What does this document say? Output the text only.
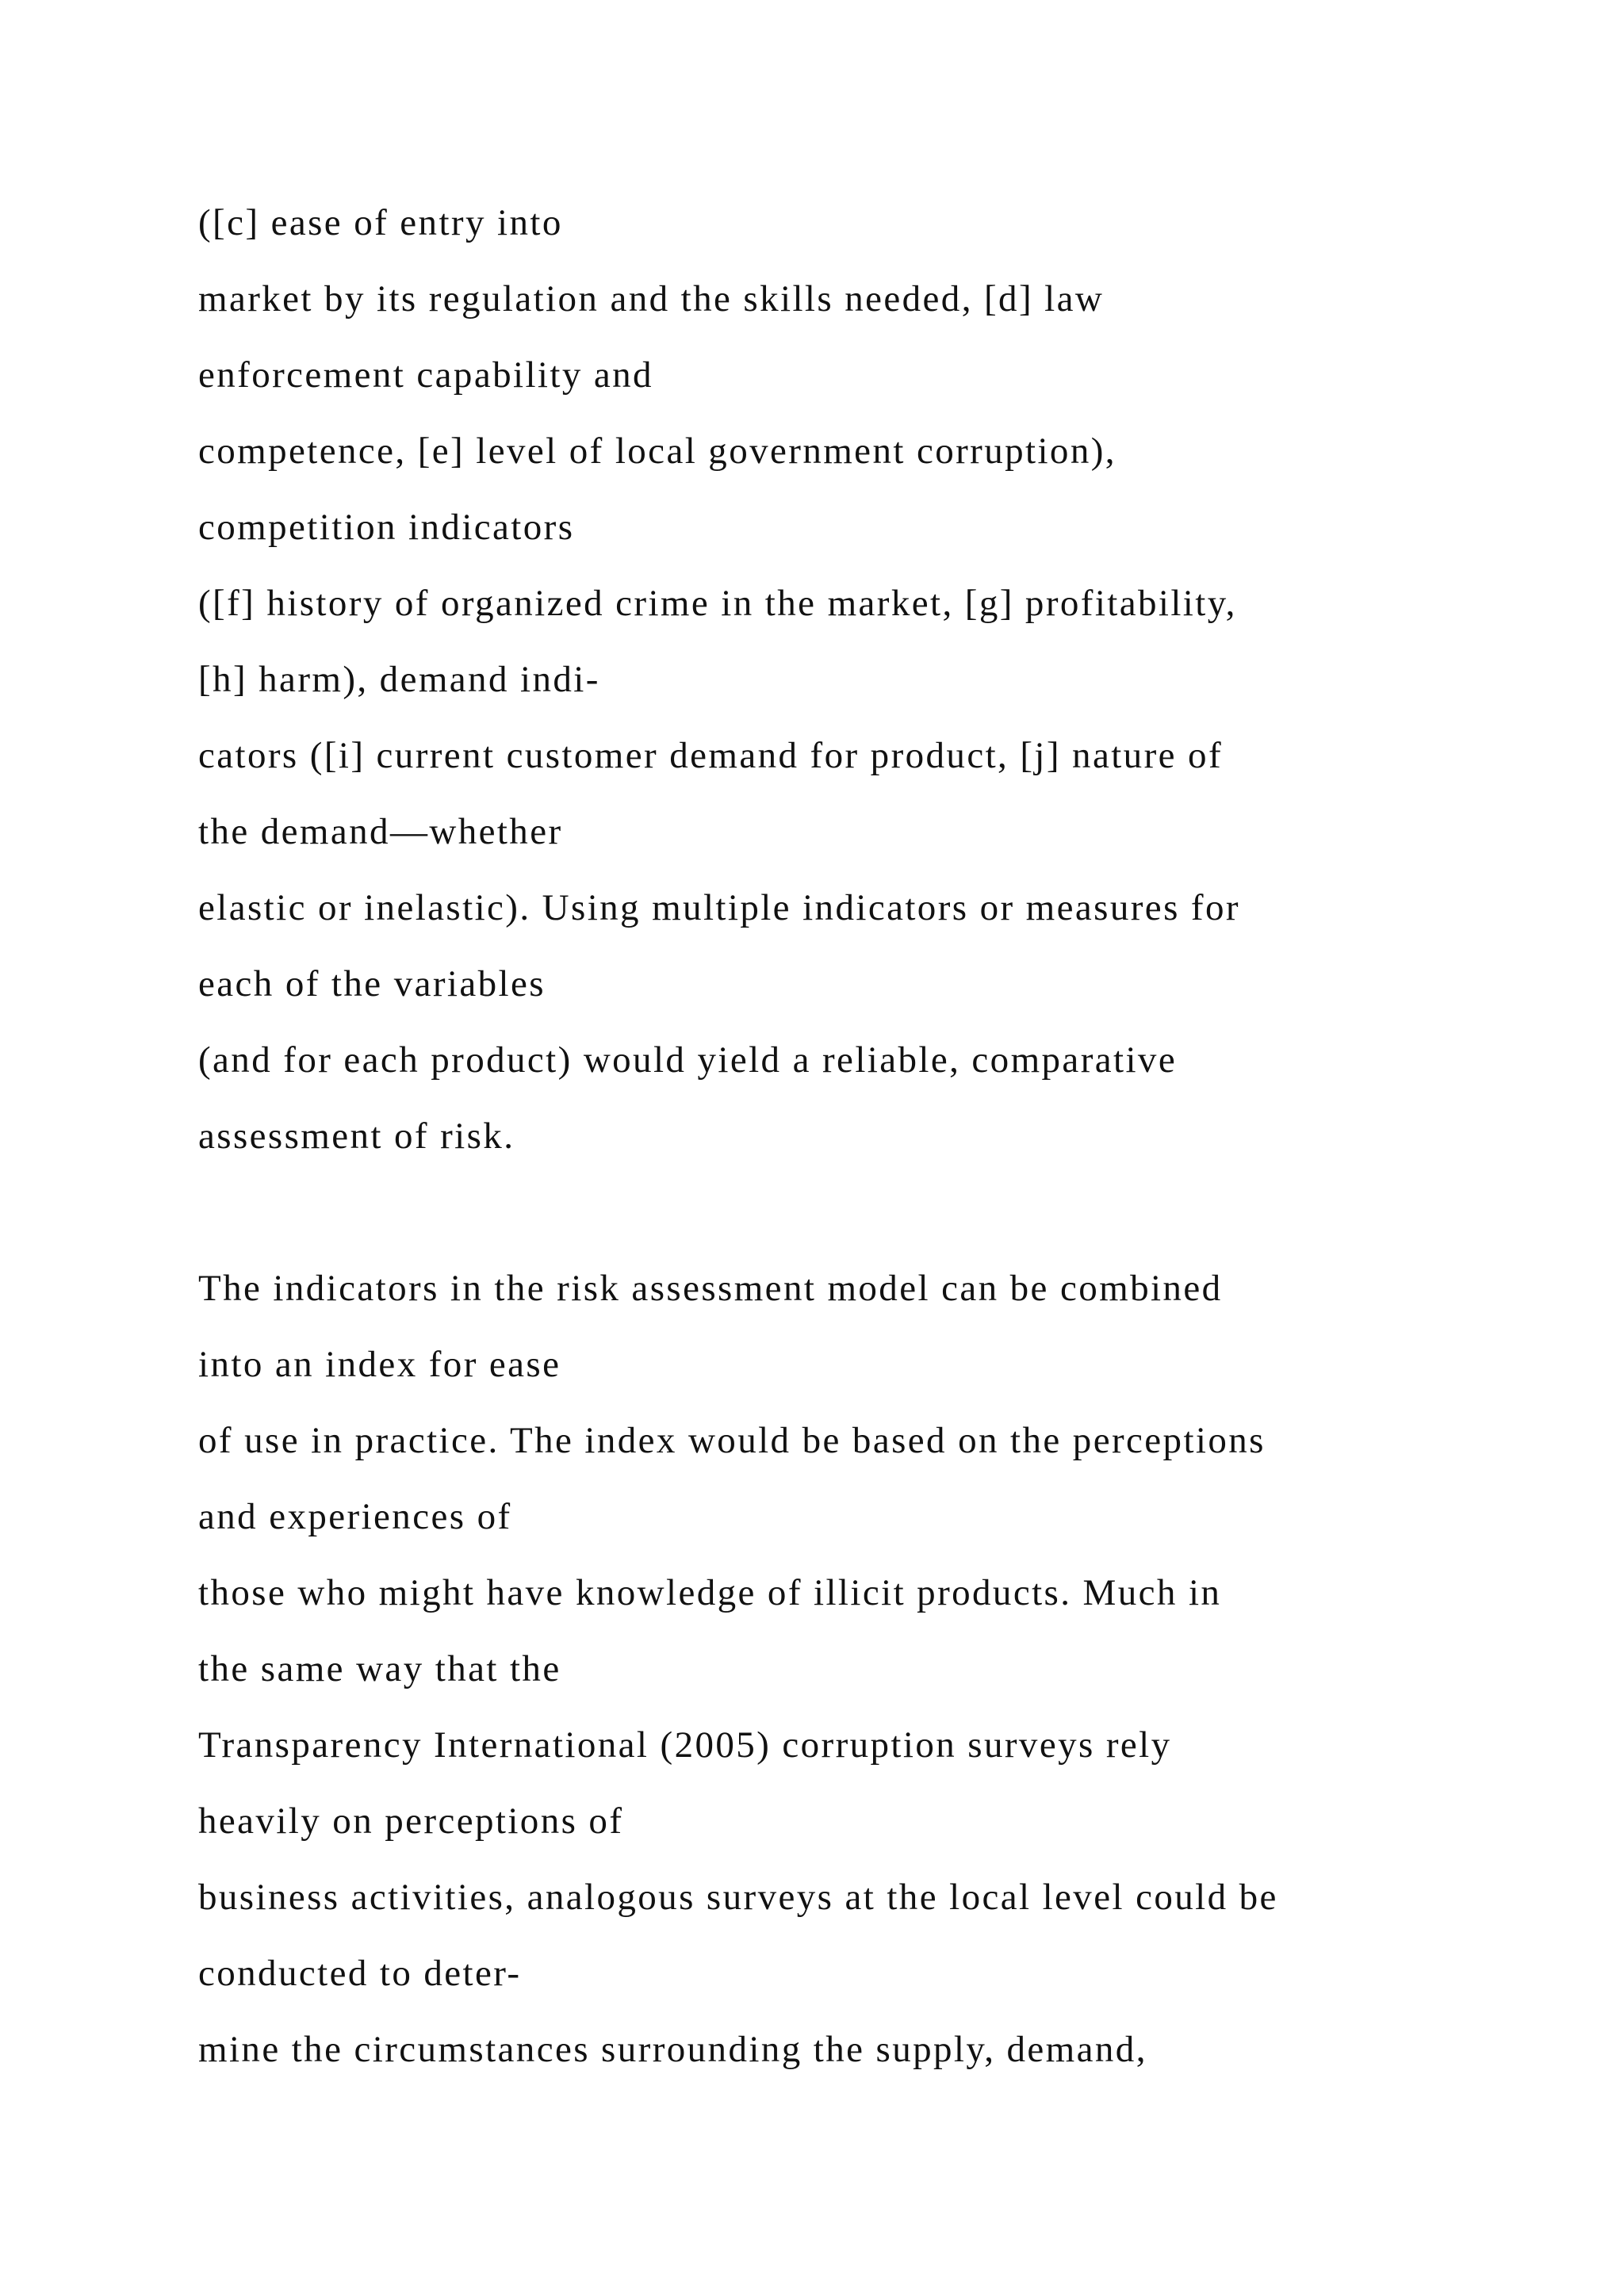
([c] ease of entry into
market by its regulation and the skills needed, [d] law
enforcement capability and
competence, [e] level of local government corruption),
competition indicators
([f] history of organized crime in the market, [g] profitability,
[h] harm), demand indi-
cators ([i] current customer demand for product, [j] nature of
the demand—whether
elastic or inelastic). Using multiple indicators or measures for
each of the variables
(and for each product) would yield a reliable, comparative
assessment of risk.
The indicators in the risk assessment model can be combined
into an index for ease
of use in practice. The index would be based on the perceptions
and experiences of
those who might have knowledge of illicit products. Much in
the same way that the
Transparency International (2005) corruption surveys rely
heavily on perceptions of
business activities, analogous surveys at the local level could be
conducted to deter-
mine the circumstances surrounding the supply, demand,
